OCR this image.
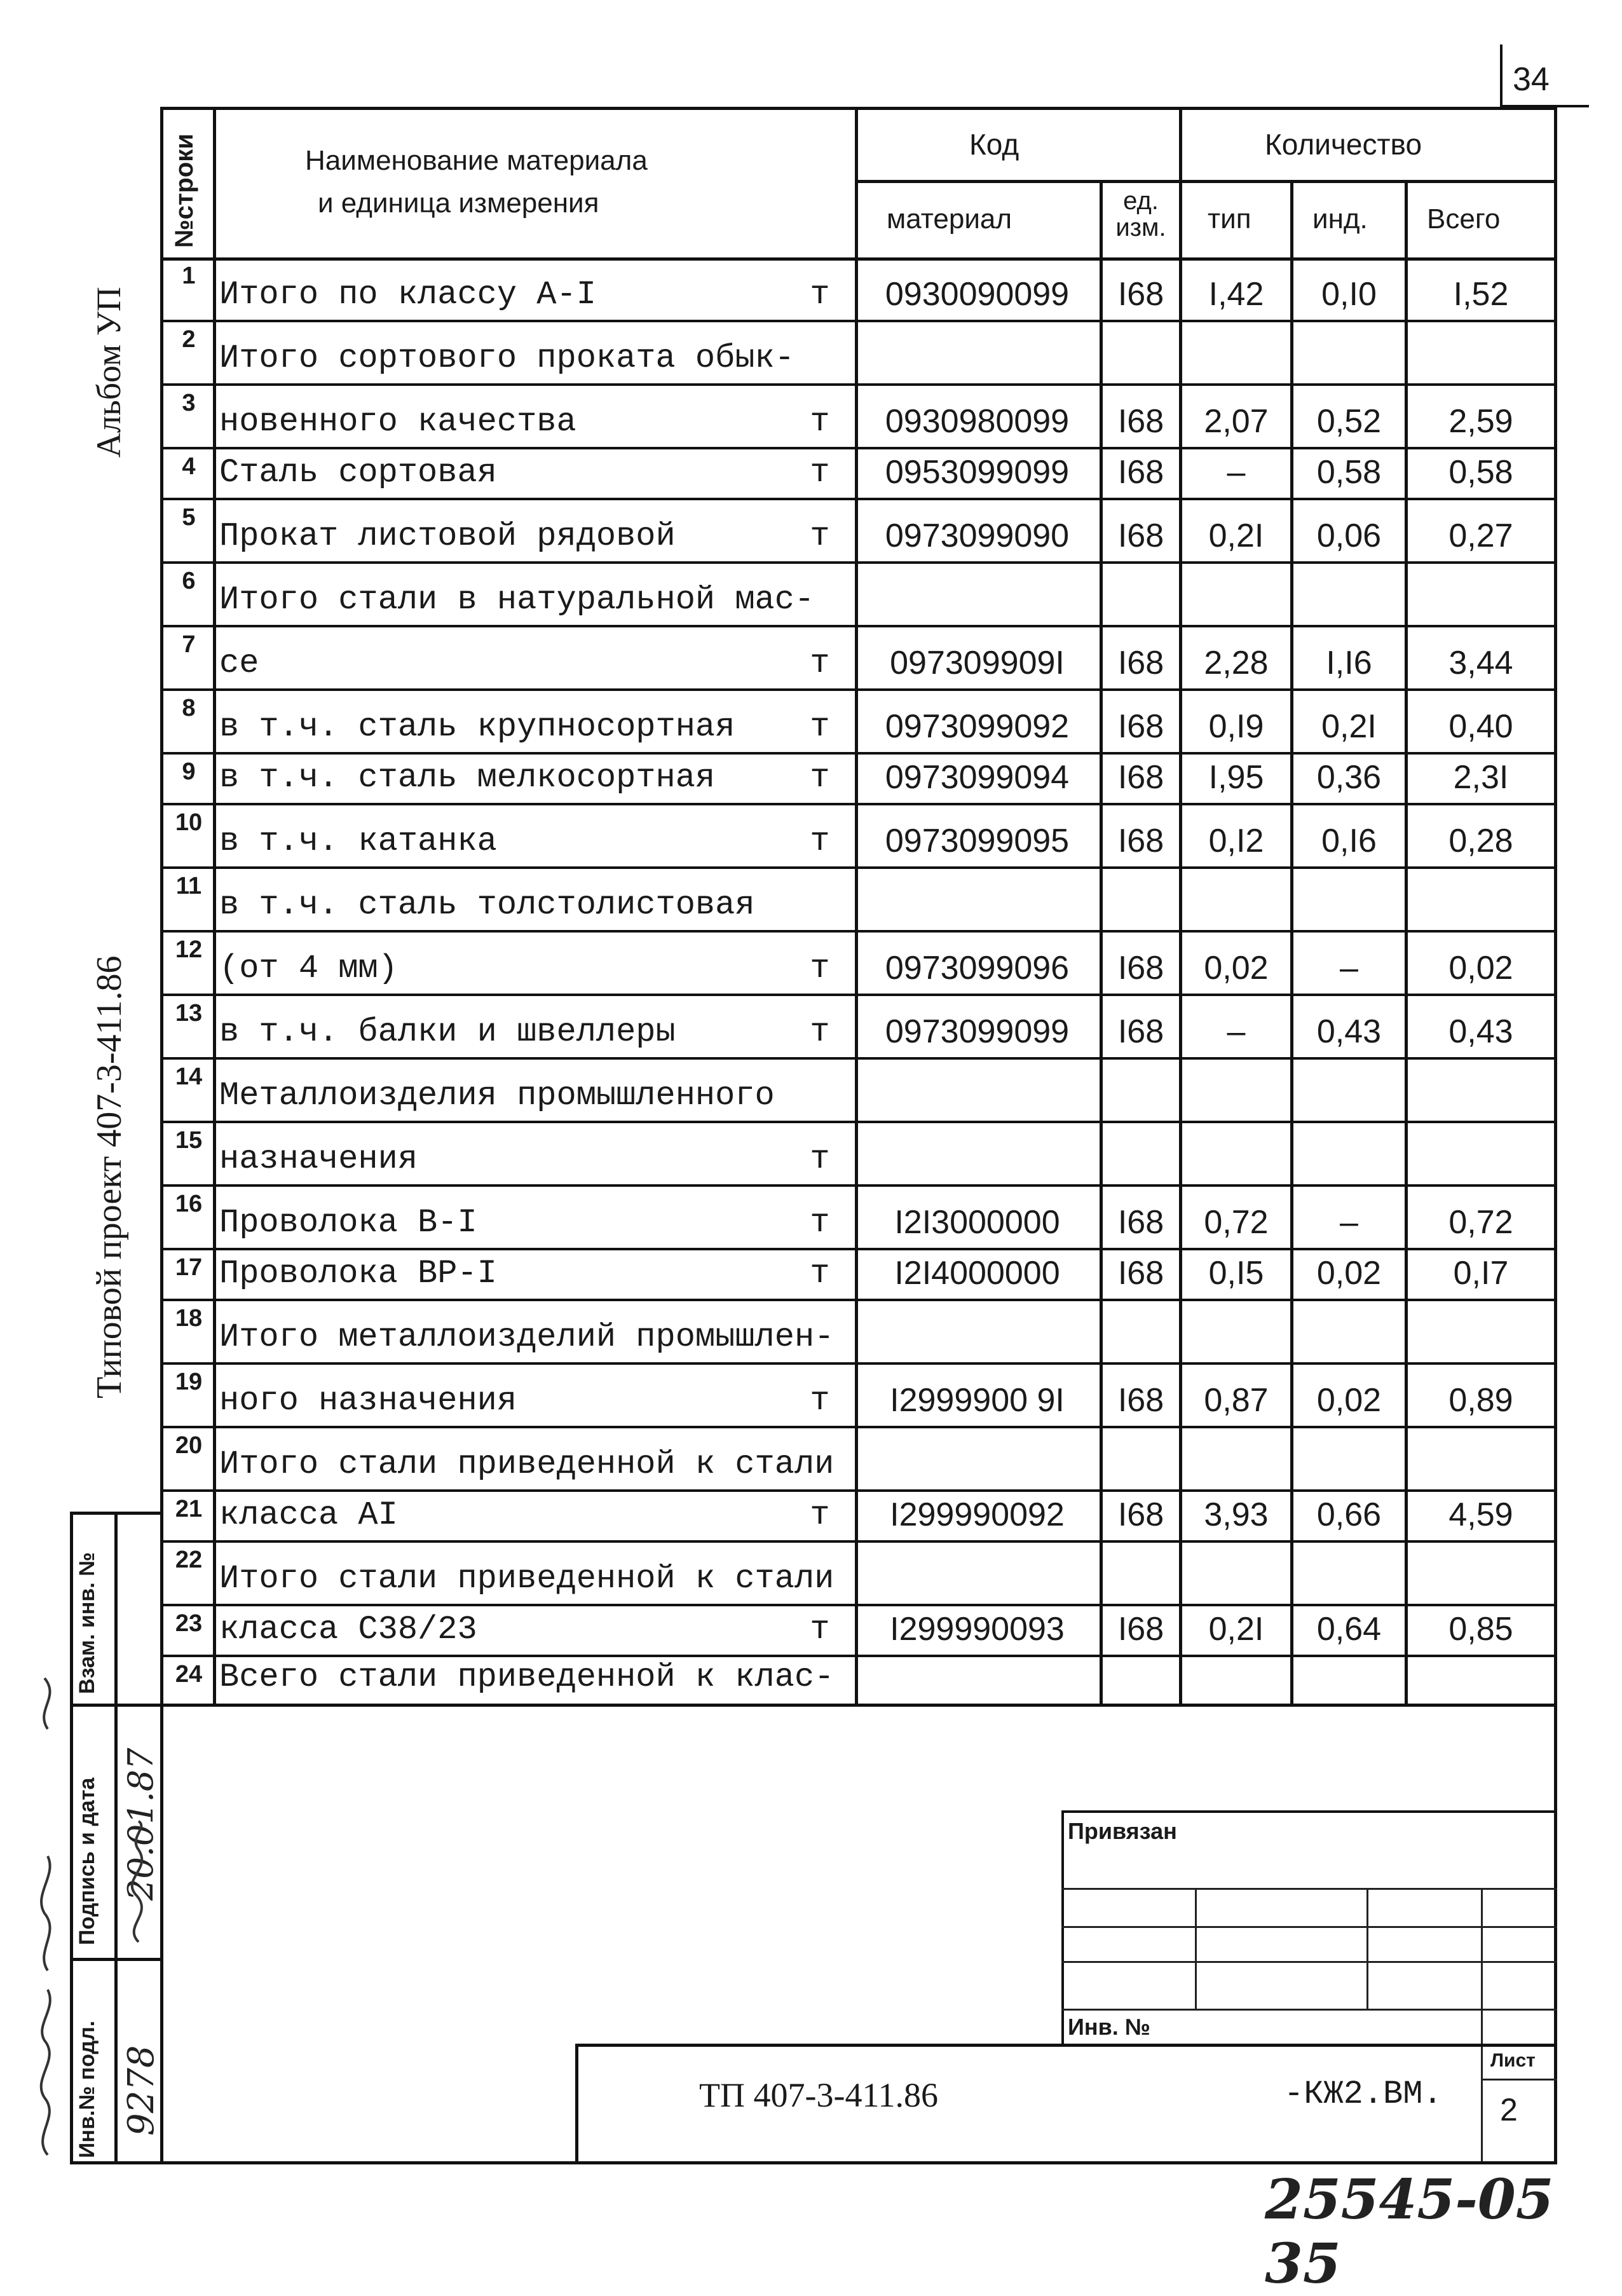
34
Альбом УП
Типовой проект 407-3-411.86
№строки	Наименование материала
и единица измерения
Код	Количество
материал
ед. изм.	тип инд. Всего
1 Итого по классу А-I	т	0930090099	I68	I,42	0,I0	I,52
2 Итого сортового проката обык-
3 новенного качества	т	0930980099	I68	2,07	0,52	2,59
4 Сталь сортовая	т	0953099099	I68	–	0,58	0,58
5 Прокат листовой рядовой	т	0973099090	I68	0,2I	0,06	0,27
6 Итого стали в натуральной мас-
7 се	т	097309909I	I68	2,28	I,I6	3,44
8 в т.ч. сталь крупносортная	т	0973099092	I68	0,I9	0,2I	0,40
9 в т.ч. сталь мелкосортная	т	0973099094	I68	I,95	0,36	2,3I
10 в т.ч. катанка	т	0973099095	I68	0,I2	0,I6	0,28
11 в т.ч. сталь толстолистовая
12 (от 4 мм)	т	0973099096	I68	0,02	–	0,02
13 в т.ч. балки и швеллеры	т	0973099099	I68	–	0,43	0,43
14 Металлоизделия промышленного
15 назначения	т
16 Проволока В-I	т	I2I3000000	I68	0,72	–	0,72
17 Проволока ВР-I	т	I2I4000000	I68	0,I5	0,02	0,I7
18 Итого металлоизделий промышлен-
19 ного назначения	т	I2999900 9I	I68	0,87	0,02	0,89
20 Итого стали приведенной к стали
21 класса АI	т	I299990092	I68	3,93	0,66	4,59
22 Итого стали приведенной к стали
23 класса С38/23	т	I299990093	I68	0,2I	0,64	0,85
24 Всего стали приведенной к клас-
Взам. инв. №
Подпись и дата
Инв.№ подл. 9278
20.01.87	Привязан
Инв. №
ТП 407-3-411.86	-КЖ2.ВМ.
Лист
2
25545-05 35
